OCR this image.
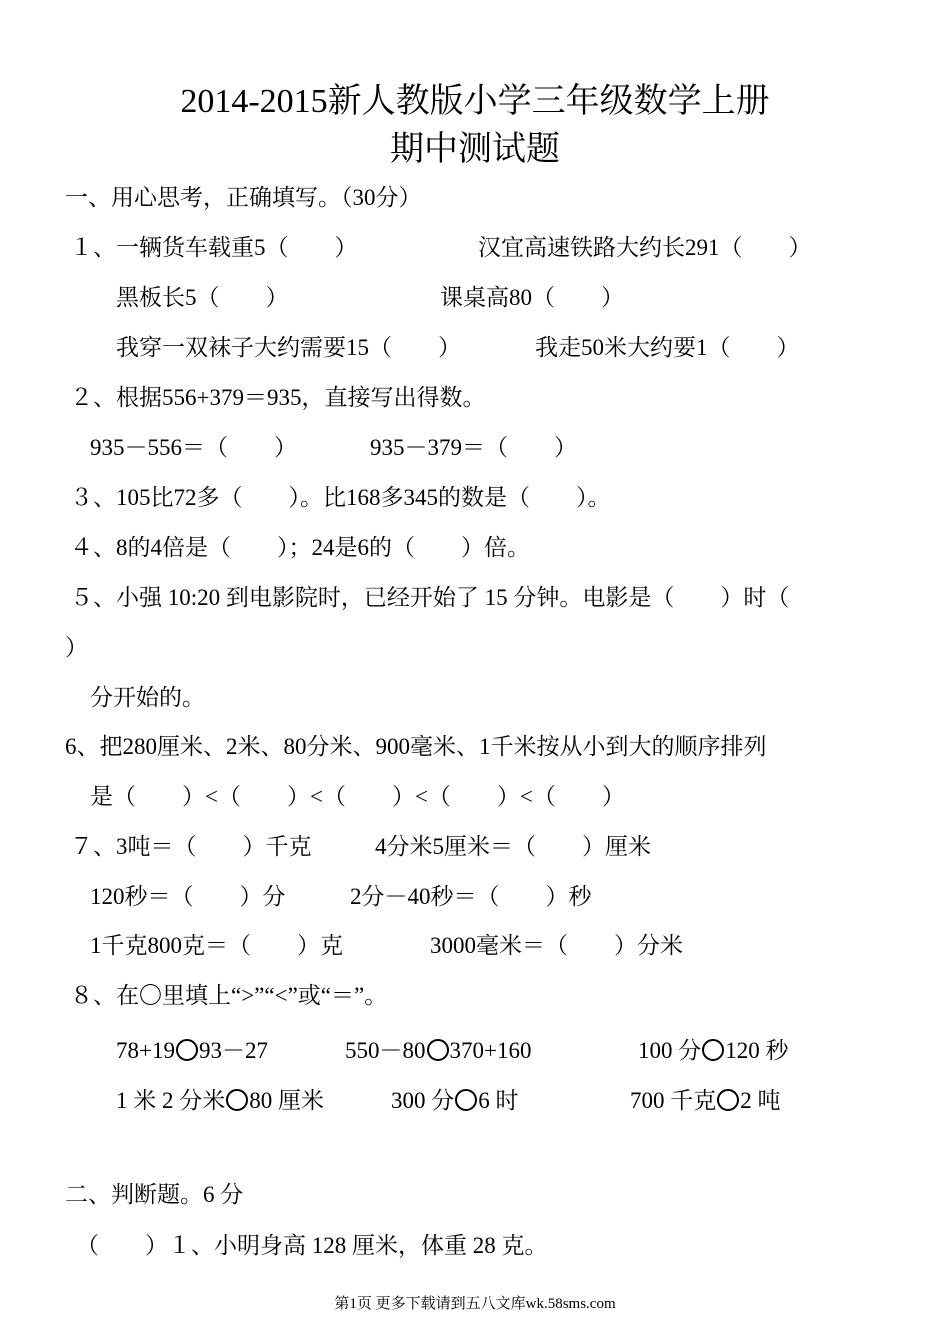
2014-2015新人教版小学三年级数学上册
期中测试题
一、用心思考，正确填写。（30分）
１、一辆货车载重5（　　）	汉宜高速铁路大约长291（　　）
黑板长5（　　）	课桌高80（　　）
我穿一双袜子大约需要15（　　）	我走50米大约要1（　　）
２、根据556+379＝935，直接写出得数。
935－556＝（　　）	935－379＝（　　）
３、105比72多（　　）。比168多345的数是（　　）。
４、8的4倍是（　　）；24是6的（　　）倍。
５、小强 10:20 到电影院时，已经开始了 15 分钟。电影是（　　）时（
）
分开始的。
6、把280厘米、2米、80分米、900毫米、1千米按从小到大的顺序排列
是（　　）<（　　）<（　　）<（　　）<（　　）
７、3吨＝（　　）千克	4分米5厘米＝（　　）厘米
120秒＝（　　）分	2分－40秒＝（　　）秒
1千克800克＝（　　）克	3000毫米＝（　　）分米
８、在〇里填上“>”“<”或“＝”。
78+19 93－27	550－80 370+160	100 分 120 秒
1 米 2 分米 80 厘米	300 分 6 时	700 千克 2 吨
二、判断题。6 分
（　　）１、小明身高 128 厘米，体重 28 克。
第1页 更多下载请到五八文库wk.58sms.com
